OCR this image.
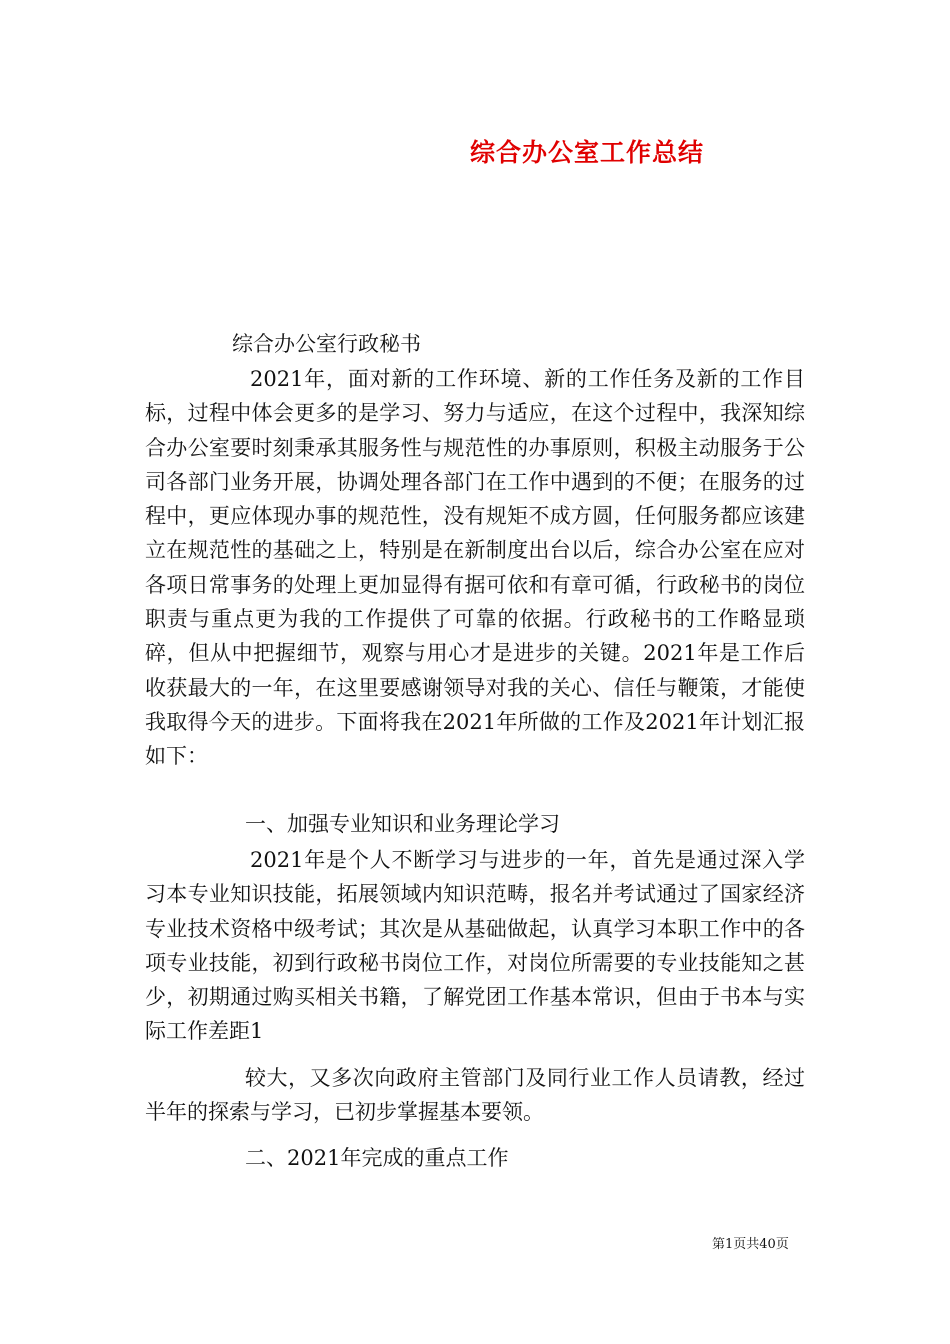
综合办公室工作总结
综合办公室行政秘书

2021年，面对新的工作环境、新的工作任务及新的工作目标，过程中体会更多的是学习、努力与适应，在这个过程中，我深知综合办公室要时刻秉承其服务性与规范性的办事原则，积极主动服务于公司各部门业务开展，协调处理各部门在工作中遇到的不便；在服务的过程中，更应体现办事的规范性，没有规矩不成方圆，任何服务都应该建立在规范性的基础之上，特别是在新制度出台以后，综合办公室在应对各项日常事务的处理上更加显得有据可依和有章可循，行政秘书的岗位职责与重点更为我的工作提供了可靠的依据。行政秘书的工作略显琐碎，但从中把握细节，观察与用心才是进步的关键。2021年是工作后收获最大的一年，在这里要感谢领导对我的关心、信任与鞭策，才能使我取得今天的进步。下面将我在2021年所做的工作及2021年计划汇报如下：

一、加强专业知识和业务理论学习

2021年是个人不断学习与进步的一年，首先是通过深入学习本专业知识技能，拓展领域内知识范畴，报名并考试通过了国家经济专业技术资格中级考试；其次是从基础做起，认真学习本职工作中的各项专业技能，初到行政秘书岗位工作，对岗位所需要的专业技能知之甚少，初期通过购买相关书籍，了解党团工作基本常识，但由于书本与实际工作差距1

较大，又多次向政府主管部门及同行业工作人员请教，经过半年的探索与学习，已初步掌握基本要领。

二、2021年完成的重点工作
第1页共40页
